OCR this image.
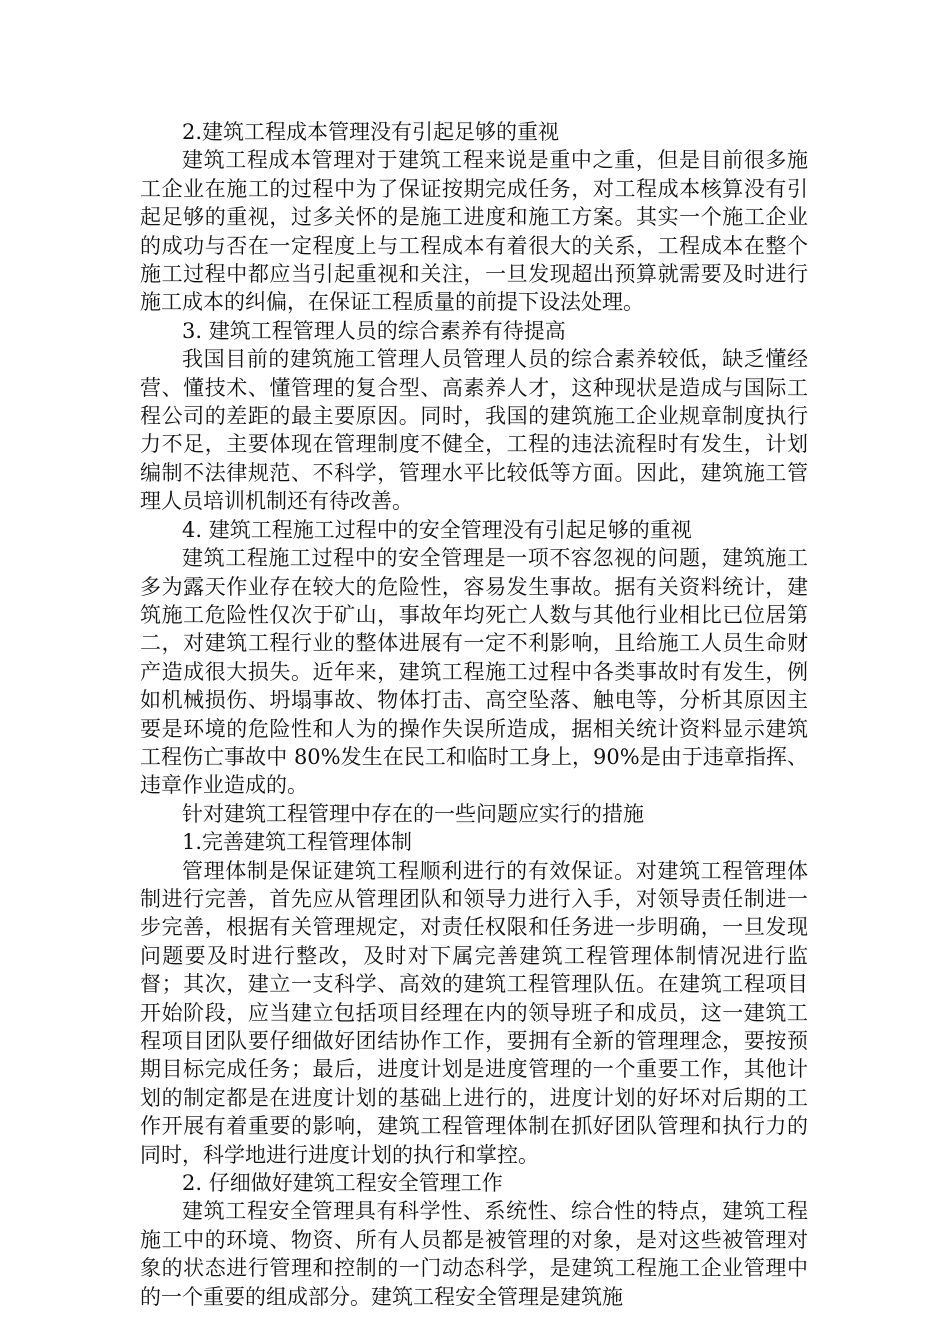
2.建筑工程成本管理没有引起足够的重视

建筑工程成本管理对于建筑工程来说是重中之重，但是目前很多施工企业在施工的过程中为了保证按期完成任务，对工程成本核算没有引起足够的重视，过多关怀的是施工进度和施工方案。其实一个施工企业的成功与否在一定程度上与工程成本有着很大的关系，工程成本在整个施工过程中都应当引起重视和关注，一旦发现超出预算就需要及时进行施工成本的纠偏，在保证工程质量的前提下设法处理。

3. 建筑工程管理人员的综合素养有待提高

我国目前的建筑施工管理人员管理人员的综合素养较低，缺乏懂经营、懂技术、懂管理的复合型、高素养人才，这种现状是造成与国际工程公司的差距的最主要原因。同时，我国的建筑施工企业规章制度执行力不足，主要体现在管理制度不健全，工程的违法流程时有发生，计划编制不法律规范、不科学，管理水平比较低等方面。因此，建筑施工管理人员培训机制还有待改善。

4. 建筑工程施工过程中的安全管理没有引起足够的重视

建筑工程施工过程中的安全管理是一项不容忽视的问题，建筑施工多为露天作业存在较大的危险性，容易发生事故。据有关资料统计，建筑施工危险性仅次于矿山，事故年均死亡人数与其他行业相比已位居第二，对建筑工程行业的整体进展有一定不利影响，且给施工人员生命财产造成很大损失。近年来，建筑工程施工过程中各类事故时有发生，例如机械损伤、坍塌事故、物体打击、高空坠落、触电等，分析其原因主要是环境的危险性和人为的操作失误所造成，据相关统计资料显示建筑工程伤亡事故中 80%发生在民工和临时工身上，90%是由于违章指挥、违章作业造成的。

针对建筑工程管理中存在的一些问题应实行的措施

1.完善建筑工程管理体制

管理体制是保证建筑工程顺利进行的有效保证。对建筑工程管理体制进行完善，首先应从管理团队和领导力进行入手，对领导责任制进一步完善，根据有关管理规定，对责任权限和任务进一步明确，一旦发现问题要及时进行整改，及时对下属完善建筑工程管理体制情况进行监督；其次，建立一支科学、高效的建筑工程管理队伍。在建筑工程项目开始阶段，应当建立包括项目经理在内的领导班子和成员，这一建筑工程项目团队要仔细做好团结协作工作，要拥有全新的管理理念，要按预期目标完成任务；最后，进度计划是进度管理的一个重要工作，其他计划的制定都是在进度计划的基础上进行的，进度计划的好坏对后期的工作开展有着重要的影响，建筑工程管理体制在抓好团队管理和执行力的同时，科学地进行进度计划的执行和掌控。

2. 仔细做好建筑工程安全管理工作

建筑工程安全管理具有科学性、系统性、综合性的特点，建筑工程施工中的环境、物资、所有人员都是被管理的对象，是对这些被管理对象的状态进行管理和控制的一门动态科学，是建筑工程施工企业管理中的一个重要的组成部分。建筑工程安全管理是建筑施
